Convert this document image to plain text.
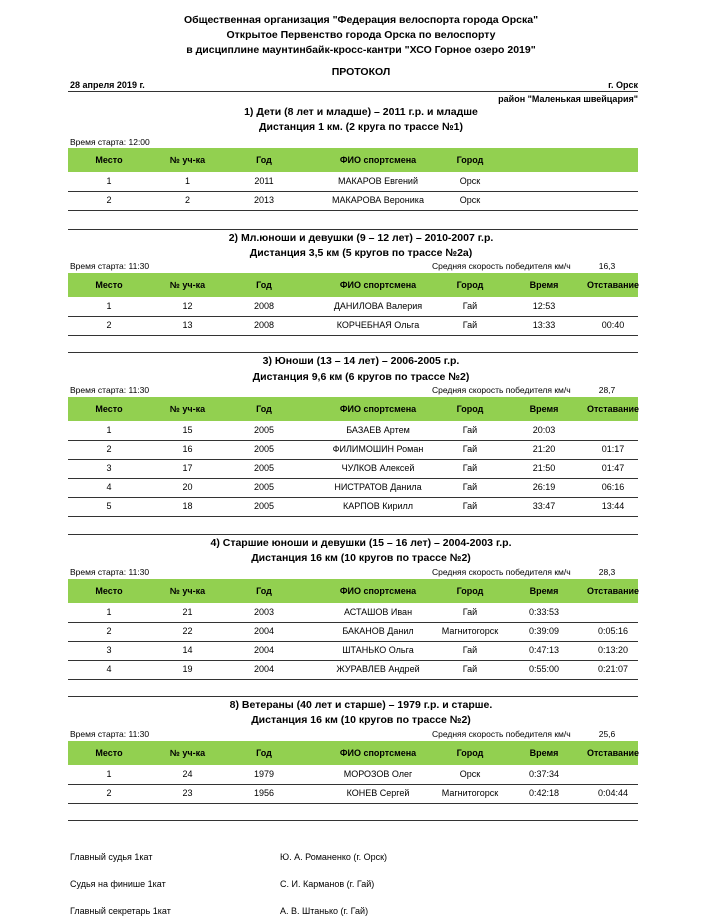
Общественная организация "Федерация велоспорта города Орска"
Открытое Первенство города Орска по велоспорту
в дисциплине маунтинбайк-кросс-кантри "ХСО Горное озеро 2019"
ПРОТОКОЛ
28 апреля 2019 г.	г. Орск
район "Маленькая швейцария"
1) Дети (8 лет и младше) – 2011 г.р. и младше
Дистанция 1 км. (2 круга по трассе №1)
Время старта: 12:00
Место	№ уч-ка	Год	ФИО спортсмена	Город
1	1	2011	МАКАРОВ Евгений	Орск
2	2	2013	МАКАРОВА Вероника	Орск
2) Мл.юноши и девушки (9 – 12 лет) – 2010-2007 г.р.
Дистанция 3,5 км (5 кругов по трассе №2а)
Время старта: 11:30	Средняя скорость победителя км/ч	16,3
Место	№ уч-ка	Год	ФИО спортсмена	Город	Время	Отставание
1	12	2008	ДАНИЛОВА Валерия	Гай	12:53
2	13	2008	КОРЧЕБНАЯ Ольга	Гай	13:33	00:40
3) Юноши (13 – 14 лет) – 2006-2005 г.р.
Дистанция 9,6 км (6 кругов по трассе №2)
Время старта: 11:30	Средняя скорость победителя км/ч	28,7
Место	№ уч-ка	Год	ФИО спортсмена	Город	Время	Отставание
1	15	2005	БАЗАЕВ Артем	Гай	20:03
2	16	2005	ФИЛИМОШИН Роман	Гай	21:20	01:17
3	17	2005	ЧУЛКОВ Алексей	Гай	21:50	01:47
4	20	2005	НИСТРАТОВ Данила	Гай	26:19	06:16
5	18	2005	КАРПОВ Кирилл	Гай	33:47	13:44
4) Старшие юноши и девушки (15 – 16 лет) – 2004-2003 г.р.
Дистанция 16 км (10 кругов по трассе №2)
Время старта: 11:30	Средняя скорость победителя км/ч	28,3
Место	№ уч-ка	Год	ФИО спортсмена	Город	Время	Отставание
1	21	2003	АСТАШОВ Иван	Гай	0:33:53
2	22	2004	БАКАНОВ Данил	Магнитогорск	0:39:09	0:05:16
3	14	2004	ШТАНЬКО Ольга	Гай	0:47:13	0:13:20
4	19	2004	ЖУРАВЛЕВ Андрей	Гай	0:55:00	0:21:07
8) Ветераны (40 лет и старше) – 1979 г.р. и старше.
Дистанция 16 км (10 кругов по трассе №2)
Время старта: 11:30	Средняя скорость победителя км/ч	25,6
Место	№ уч-ка	Год	ФИО спортсмена	Город	Время	Отставание
1	24	1979	МОРОЗОВ Олег	Орск	0:37:34
2	23	1956	КОНЕВ Сергей	Магнитогорск	0:42:18	0:04:44
Главный судья 1кат	Ю. А. Романенко (г. Орск)
Судья на финише 1кат	С. И. Карманов (г. Гай)
Главный секретарь 1кат	А. В. Штанько (г. Гай)
